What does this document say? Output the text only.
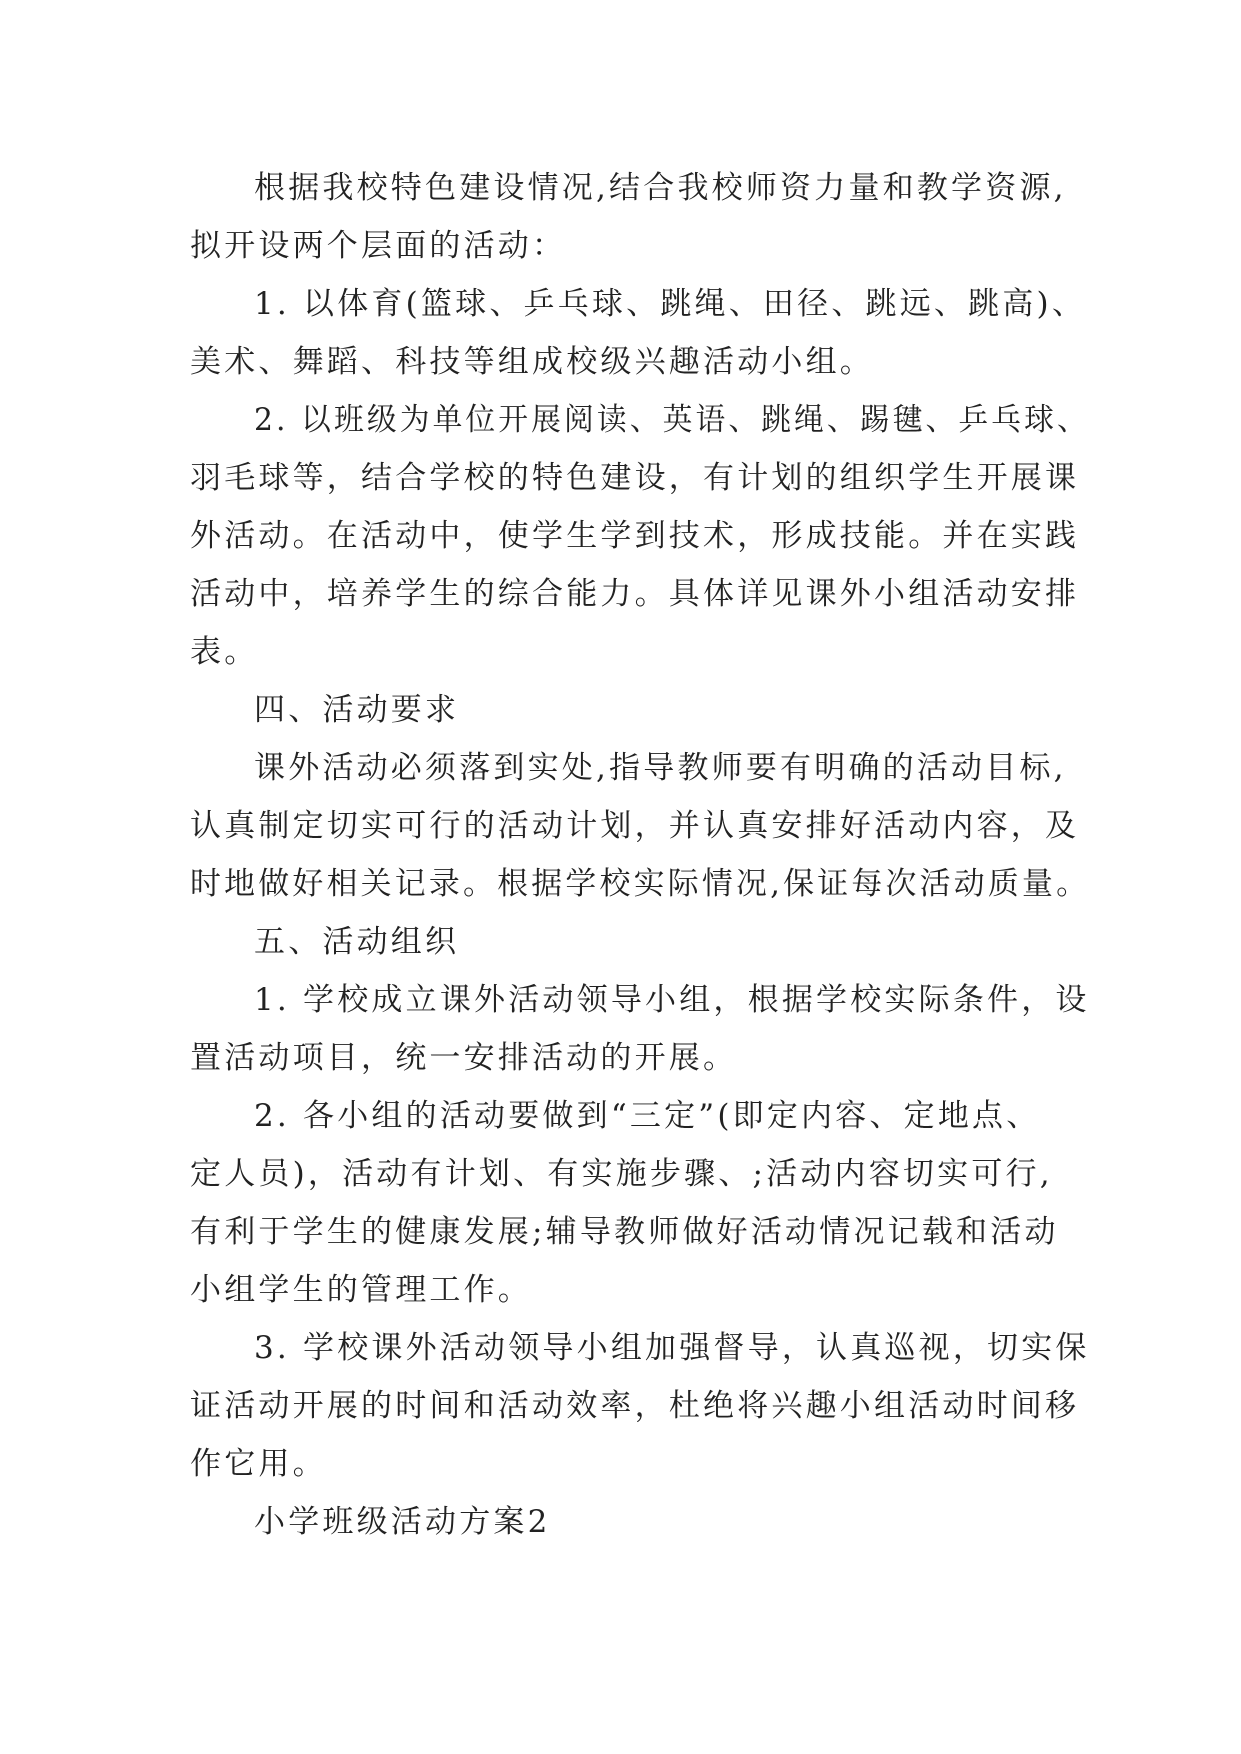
根据我校特色建设情况,结合我校师资力量和教学资源,
拟开设两个层面的活动：
1. 以体育(篮球、乒乓球、跳绳、田径、跳远、跳高)、
美术、舞蹈、科技等组成校级兴趣活动小组。
2. 以班级为单位开展阅读、英语、跳绳、踢毽、乒乓球、
羽毛球等，结合学校的特色建设，有计划的组织学生开展课
外活动。在活动中，使学生学到技术，形成技能。并在实践
活动中，培养学生的综合能力。具体详见课外小组活动安排
表。
四、活动要求
课外活动必须落到实处,指导教师要有明确的活动目标,
认真制定切实可行的活动计划，并认真安排好活动内容，及
时地做好相关记录。根据学校实际情况,保证每次活动质量。
五、活动组织
1. 学校成立课外活动领导小组，根据学校实际条件，设
置活动项目，统一安排活动的开展。
2. 各小组的活动要做到“三定”(即定内容、定地点、
定人员)，活动有计划、有实施步骤、;活动内容切实可行,
有利于学生的健康发展;辅导教师做好活动情况记载和活动
小组学生的管理工作。
3. 学校课外活动领导小组加强督导，认真巡视，切实保
证活动开展的时间和活动效率，杜绝将兴趣小组活动时间移
作它用。
小学班级活动方案2
